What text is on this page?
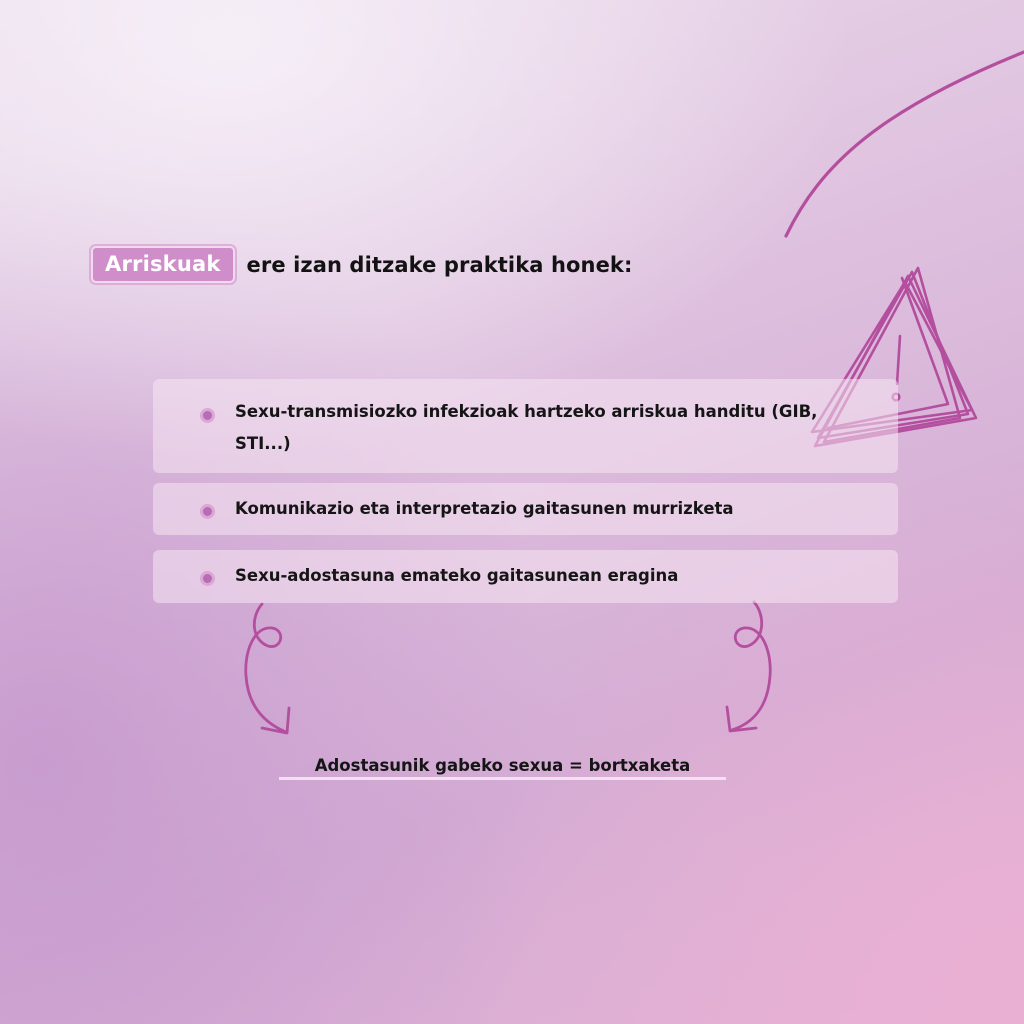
Arriskuak	ere izan ditzake praktika honek:
Sexu-transmisiozko infekzioak hartzeko arriskua handitu (GIB, STI...)
Komunikazio eta interpretazio gaitasunen murrizketa
Sexu-adostasuna emateko gaitasunean eragina
Adostasunik gabeko sexua = bortxaketa
